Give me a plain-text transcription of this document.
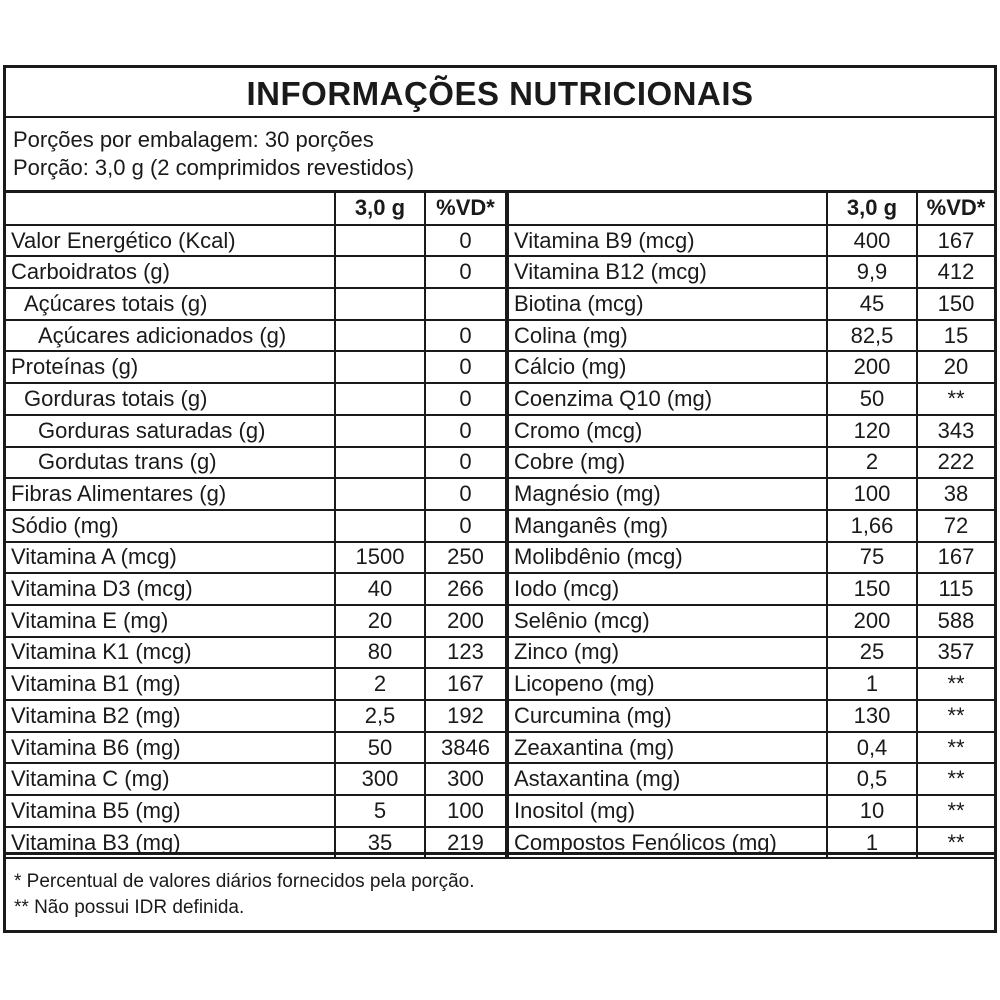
INFORMAÇÕES NUTRICIONAIS
Porções por embalagem: 30 porções
Porção: 3,0 g (2 comprimidos revestidos)
	3,0 g	%VD*		3,0 g	%VD*
Valor Energético (Kcal)		0	Vitamina B9 (mcg)	400	167
Carboidratos (g)		0	Vitamina B12 (mcg)	9,9	412
Açúcares totais (g)			Biotina (mcg)	45	150
Açúcares adicionados (g)		0	Colina (mg)	82,5	15
Proteínas (g)		0	Cálcio (mg)	200	20
Gorduras totais (g)		0	Coenzima Q10 (mg)	50	**
Gorduras saturadas (g)		0	Cromo (mcg)	120	343
Gordutas trans (g)		0	Cobre (mg)	2	222
Fibras Alimentares (g)		0	Magnésio (mg)	100	38
Sódio (mg)		0	Manganês (mg)	1,66	72
Vitamina A (mcg)	1500	250	Molibdênio (mcg)	75	167
Vitamina D3 (mcg)	40	266	Iodo (mcg)	150	115
Vitamina E (mg)	20	200	Selênio (mcg)	200	588
Vitamina K1 (mcg)	80	123	Zinco (mg)	25	357
Vitamina B1 (mg)	2	167	Licopeno (mg)	1	**
Vitamina B2 (mg)	2,5	192	Curcumina (mg)	130	**
Vitamina B6 (mg)	50	3846	Zeaxantina (mg)	0,4	**
Vitamina C (mg)	300	300	Astaxantina (mg)	0,5	**
Vitamina B5 (mg)	5	100	Inositol (mg)	10	**
Vitamina B3 (mg)	35	219	Compostos Fenólicos (mg)	1	**
* Percentual de valores diários fornecidos pela porção.
** Não possui IDR definida.
